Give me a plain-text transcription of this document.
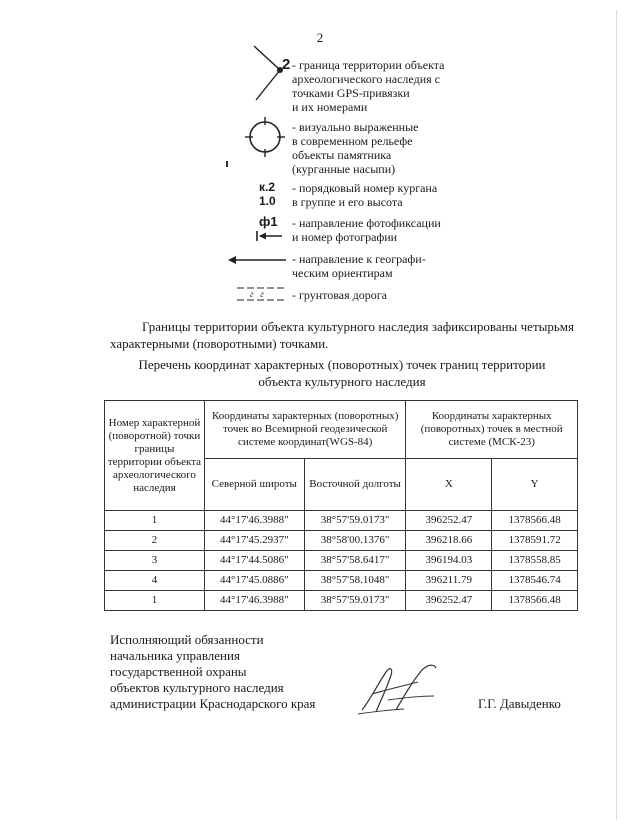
2
2 - граница территории объекта
археологического наследия с
точками GPS-привязки
и их номерами
- визуально выраженные
в современном рельефе
объекты памятника
(курганные насыпи)
к.2
1.0
- порядковый номер кургана
в группе и его высота
ф1 - направление фотофиксации
и номер фотографии
- направление к географи-
ческим ориентирам
г   г - грунтовая дорога
Границы территории объекта культурного наследия зафиксированы четырьмя характерными (поворотными) точками.
Перечень координат характерных (поворотных) точек границ территории
объекта культурного наследия
Номер характерной (поворотной) точки границы территории объекта археологического наследия	Координаты характерных (поворотных) точек во Всемирной геодезической системе координат(WGS-84)		Координаты характерных (поворотных) точек в местной системе (МСК-23)	
	Северной широты	Восточной долготы	X	Y
1	44°17'46.3988"	38°57'59.0173"	396252.47	1378566.48
2	44°17'45.2937"	38°58'00.1376"	396218.66	1378591.72
3	44°17'44.5086"	38°57'58.6417"	396194.03	1378558.85
4	44°17'45.0886"	38°57'58.1048"	396211.79	1378546.74
1	44°17'46.3988"	38°57'59.0173"	396252.47	1378566.48
Исполняющий обязанности
начальника управления
государственной охраны
объектов культурного наследия
администрации Краснодарского края	Г.Г. Давыденко
